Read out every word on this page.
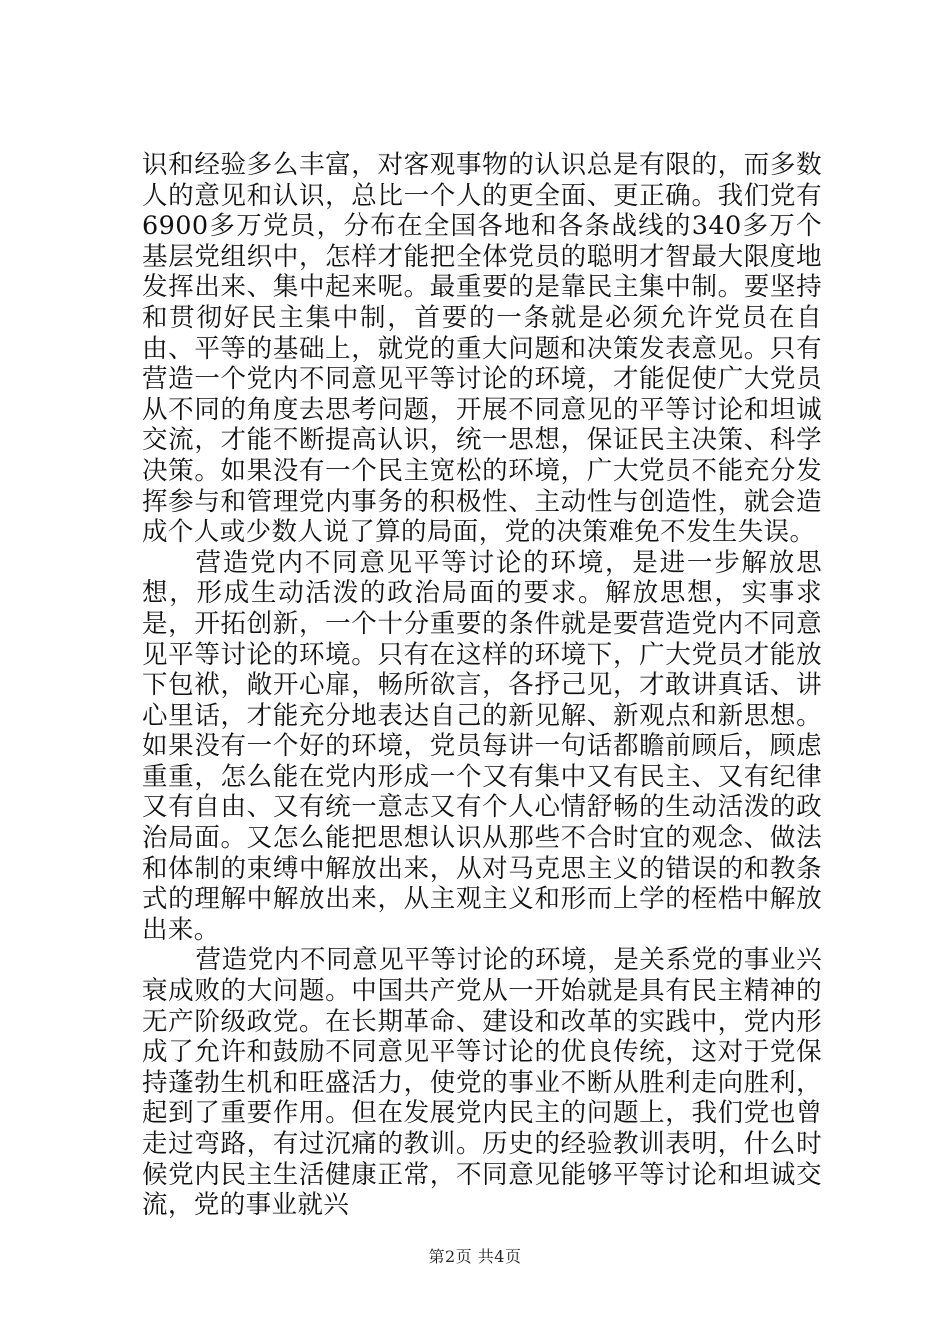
识和经验多么丰富，对客观事物的认识总是有限的，而多数人的意见和认识，总比一个人的更全面、更正确。我们党有6900多万党员，分布在全国各地和各条战线的340多万个基层党组织中，怎样才能把全体党员的聪明才智最大限度地发挥出来、集中起来呢。最重要的是靠民主集中制。要坚持和贯彻好民主集中制，首要的一条就是必须允许党员在自由、平等的基础上，就党的重大问题和决策发表意见。只有营造一个党内不同意见平等讨论的环境，才能促使广大党员从不同的角度去思考问题，开展不同意见的平等讨论和坦诚交流，才能不断提高认识，统一思想，保证民主决策、科学决策。如果没有一个民主宽松的环境，广大党员不能充分发挥参与和管理党内事务的积极性、主动性与创造性，就会造成个人或少数人说了算的局面，党的决策难免不发生失误。

营造党内不同意见平等讨论的环境，是进一步解放思想，形成生动活泼的政治局面的要求。解放思想，实事求是，开拓创新，一个十分重要的条件就是要营造党内不同意见平等讨论的环境。只有在这样的环境下，广大党员才能放下包袱，敞开心扉，畅所欲言，各抒己见，才敢讲真话、讲心里话，才能充分地表达自己的新见解、新观点和新思想。如果没有一个好的环境，党员每讲一句话都瞻前顾后，顾虑重重，怎么能在党内形成一个又有集中又有民主、又有纪律又有自由、又有统一意志又有个人心情舒畅的生动活泼的政治局面。又怎么能把思想认识从那些不合时宜的观念、做法和体制的束缚中解放出来，从对马克思主义的错误的和教条式的理解中解放出来，从主观主义和形而上学的桎梏中解放出来。

营造党内不同意见平等讨论的环境，是关系党的事业兴衰成败的大问题。中国共产党从一开始就是具有民主精神的无产阶级政党。在长期革命、建设和改革的实践中，党内形成了允许和鼓励不同意见平等讨论的优良传统，这对于党保持蓬勃生机和旺盛活力，使党的事业不断从胜利走向胜利，起到了重要作用。但在发展党内民主的问题上，我们党也曾走过弯路，有过沉痛的教训。历史的经验教训表明，什么时候党内民主生活健康正常，不同意见能够平等讨论和坦诚交流，党的事业就兴

第2页 共4页
